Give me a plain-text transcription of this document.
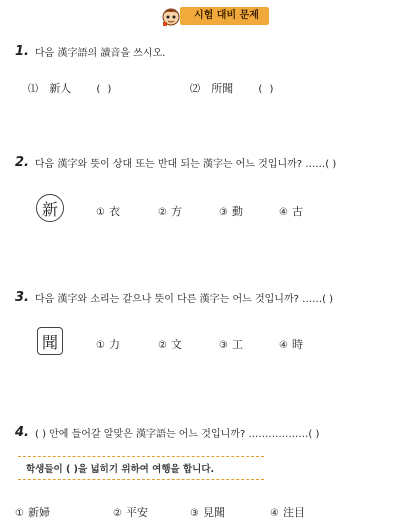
시험 대비 문제
1. 다음 漢字語의 讀音을 쓰시오.
⑴ 新人	( )	⑵ 所聞	( )
2. 다음 漢字와 뜻이 상대 또는 반대 되는 漢字는 어느 것입니까? ……( )
新	① 衣	② 方	③ 動	④ 古
3. 다음 漢字와 소리는 같으나 뜻이 다른 漢字는 어느 것입니까? ……( )
聞	① 力	② 文	③ 工	④ 時
4. ( ) 안에 들어갈 알맞은 漢字語는 어느 것입니까? ………………( )
학생들이 ( )을 넓히기 위하여 여행을 합니다.
① 新婦	② 平安	③ 見聞	④ 注目
